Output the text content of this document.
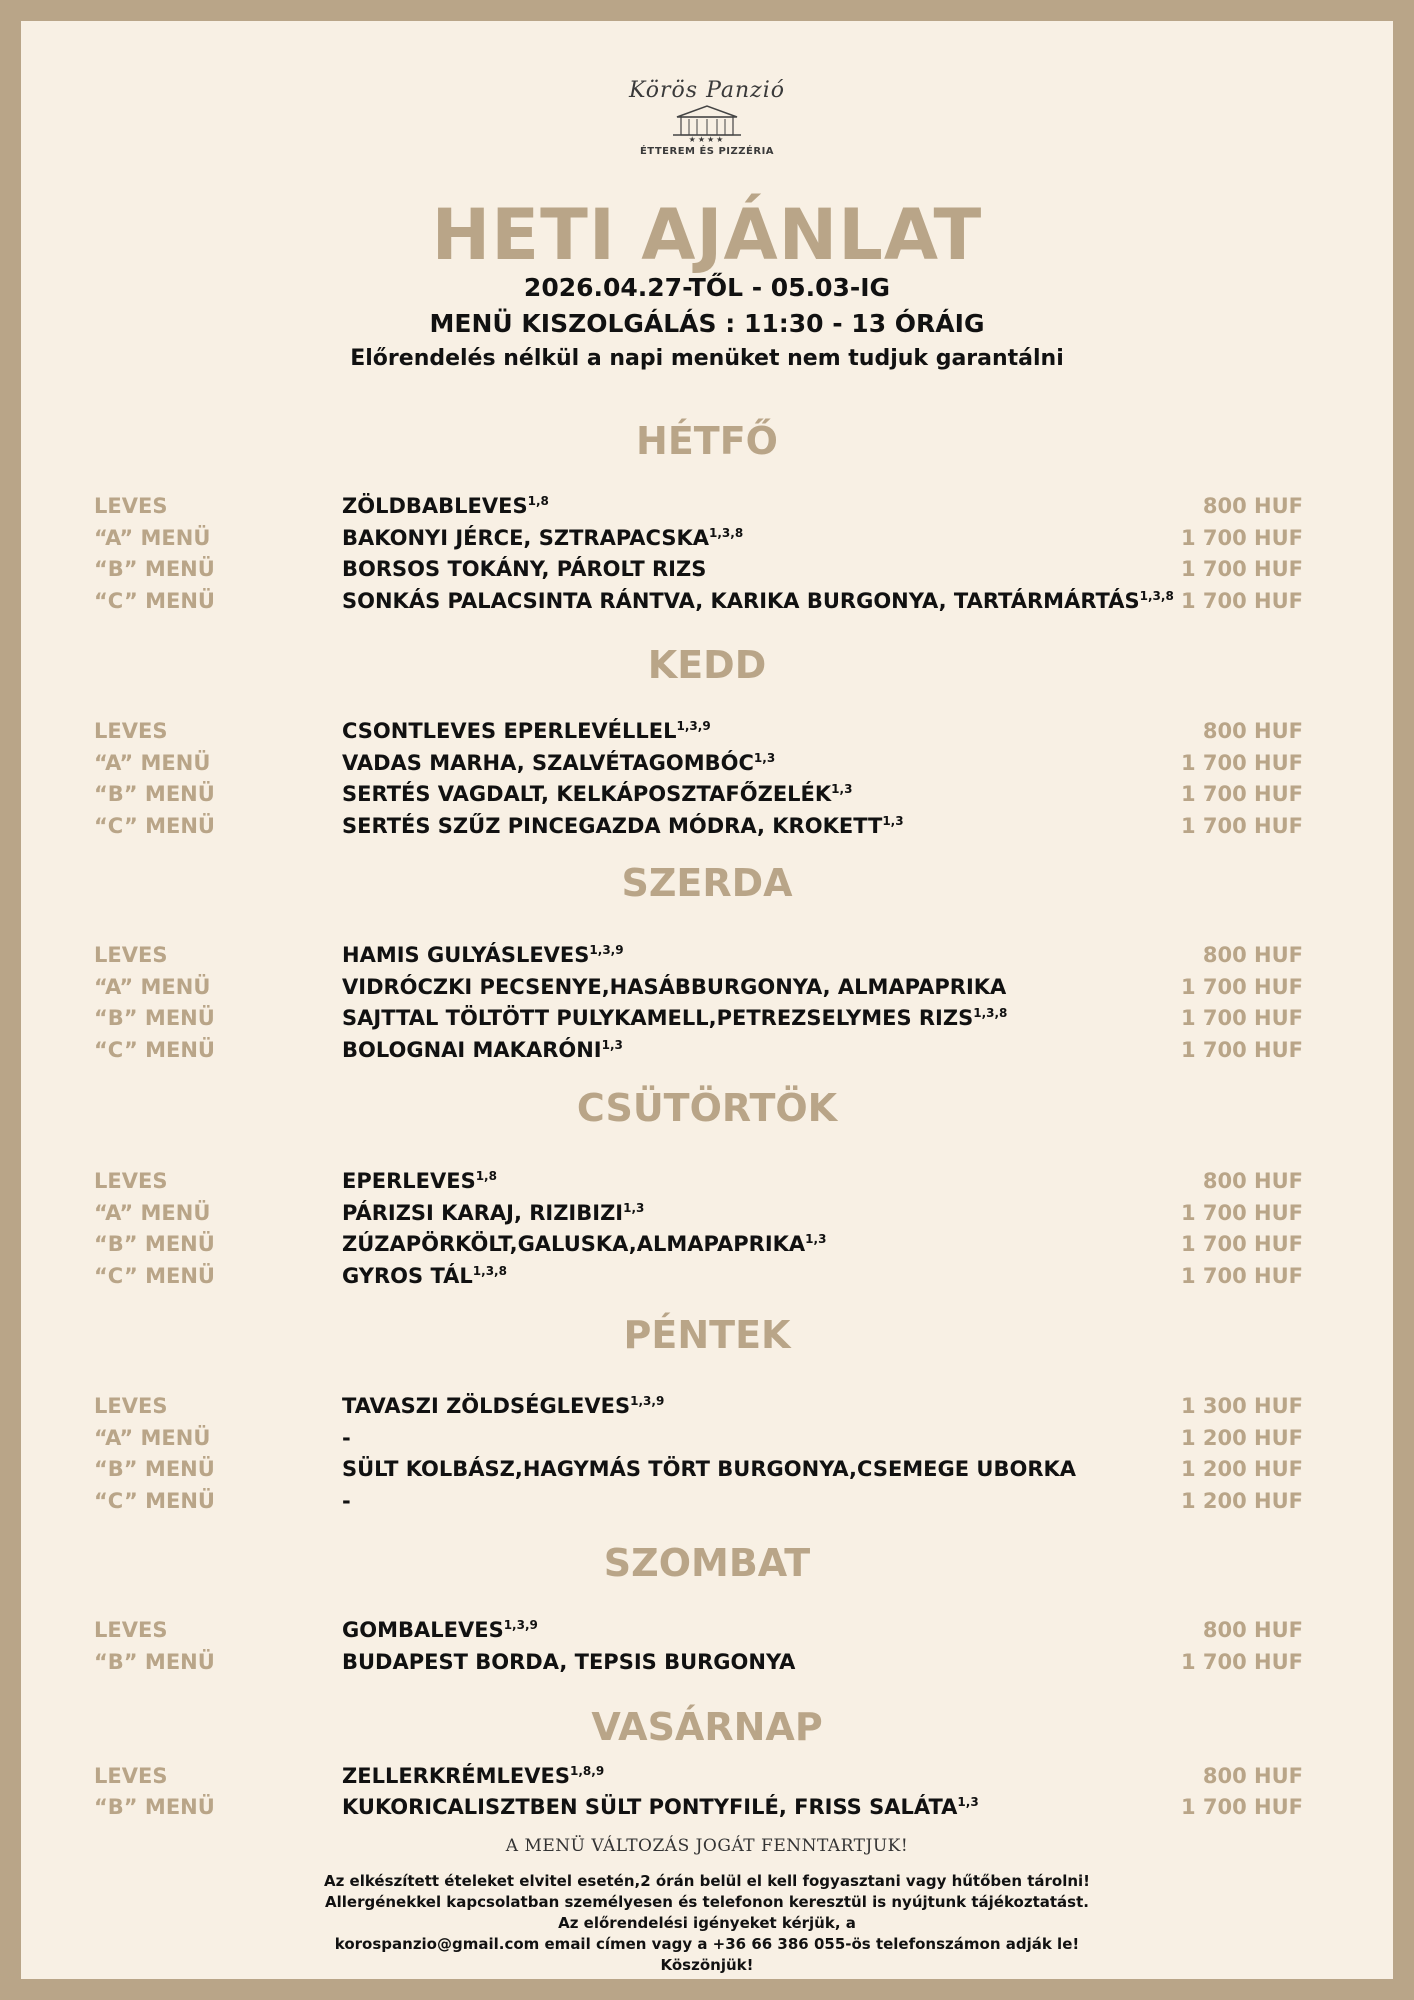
Körös Panzió
★★★★
ÉTTEREM ÉS PIZZÉRIA
HETI AJÁNLAT
2026.04.27-TŐL - 05.03-IG
MENÜ KISZOLGÁLÁS : 11:30 - 13 ÓRÁIG
Előrendelés nélkül a napi menüket nem tudjuk garantálni
HÉTFŐ
LEVES	ZÖLDBABLEVES$^{1,8}$	800 HUF
“A” MENÜ	BAKONYI JÉRCE, SZTRAPACSKA$^{1,3,8}$	1 700 HUF
“B” MENÜ	BORSOS TOKÁNY, PÁROLT RIZS	1 700 HUF
“C” MENÜ	SONKÁS PALACSINTA RÁNTVA, KARIKA BURGONYA, TARTÁRMÁRTÁS$^{1,3,8}$ 1 700 HUF
KEDD
LEVES	CSONTLEVES EPERLEVÉLLEL$^{1,3,9}$	800 HUF
“A” MENÜ	VADAS MARHA, SZALVÉTAGOMBÓC$^{1,3}$	1 700 HUF
“B” MENÜ	SERTÉS VAGDALT, KELKÁPOSZTAFŐZELÉK$^{1,3}$	1 700 HUF
“C” MENÜ	SERTÉS SZŰZ PINCEGAZDA MÓDRA, KROKETT$^{1,3}$	1 700 HUF
SZERDA
LEVES	HAMIS GULYÁSLEVES$^{1,3,9}$	800 HUF
“A” MENÜ	VIDRÓCZKI PECSENYE,HASÁBBURGONYA, ALMAPAPRIKA	1 700 HUF
“B” MENÜ	SAJTTAL TÖLTÖTT PULYKAMELL,PETREZSELYMES RIZS$^{1,3,8}$	1 700 HUF
“C” MENÜ	BOLOGNAI MAKARÓNI$^{1,3}$	1 700 HUF
CSÜTÖRTÖK
LEVES	EPERLEVES$^{1,8}$	800 HUF
“A” MENÜ	PÁRIZSI KARAJ, RIZIBIZI$^{1,3}$	1 700 HUF
“B” MENÜ	ZÚZAPÖRKÖLT,GALUSKA,ALMAPAPRIKA$^{1,3}$	1 700 HUF
“C” MENÜ	GYROS TÁL$^{1,3,8}$	1 700 HUF
PÉNTEK
LEVES	TAVASZI ZÖLDSÉGLEVES$^{1,3,9}$	1 300 HUF
“A” MENÜ	-	1 200 HUF
“B” MENÜ	SÜLT KOLBÁSZ,HAGYMÁS TÖRT BURGONYA,CSEMEGE UBORKA	1 200 HUF
“C” MENÜ	-	1 200 HUF
SZOMBAT
LEVES	GOMBALEVES$^{1,3,9}$	800 HUF
“B” MENÜ	BUDAPEST BORDA, TEPSIS BURGONYA	1 700 HUF
VASÁRNAP
LEVES	ZELLERKRÉMLEVES$^{1,8,9}$	800 HUF
“B” MENÜ	KUKORICALISZTBEN SÜLT PONTYFILÉ, FRISS SALÁTA$^{1,3}$	1 700 HUF
A MENÜ VÁLTOZÁS JOGÁT FENNTARTJUK!
Az elkészített ételeket elvitel esetén,2 órán belül el kell fogyasztani vagy hűtőben tárolni!
Allergénekkel kapcsolatban személyesen és telefonon keresztül is nyújtunk tájékoztatást.
Az előrendelési igényeket kérjük, a
korospanzio@gmail.com email címen vagy a +36 66 386 055-ös telefonszámon adják le!
Köszönjük!
